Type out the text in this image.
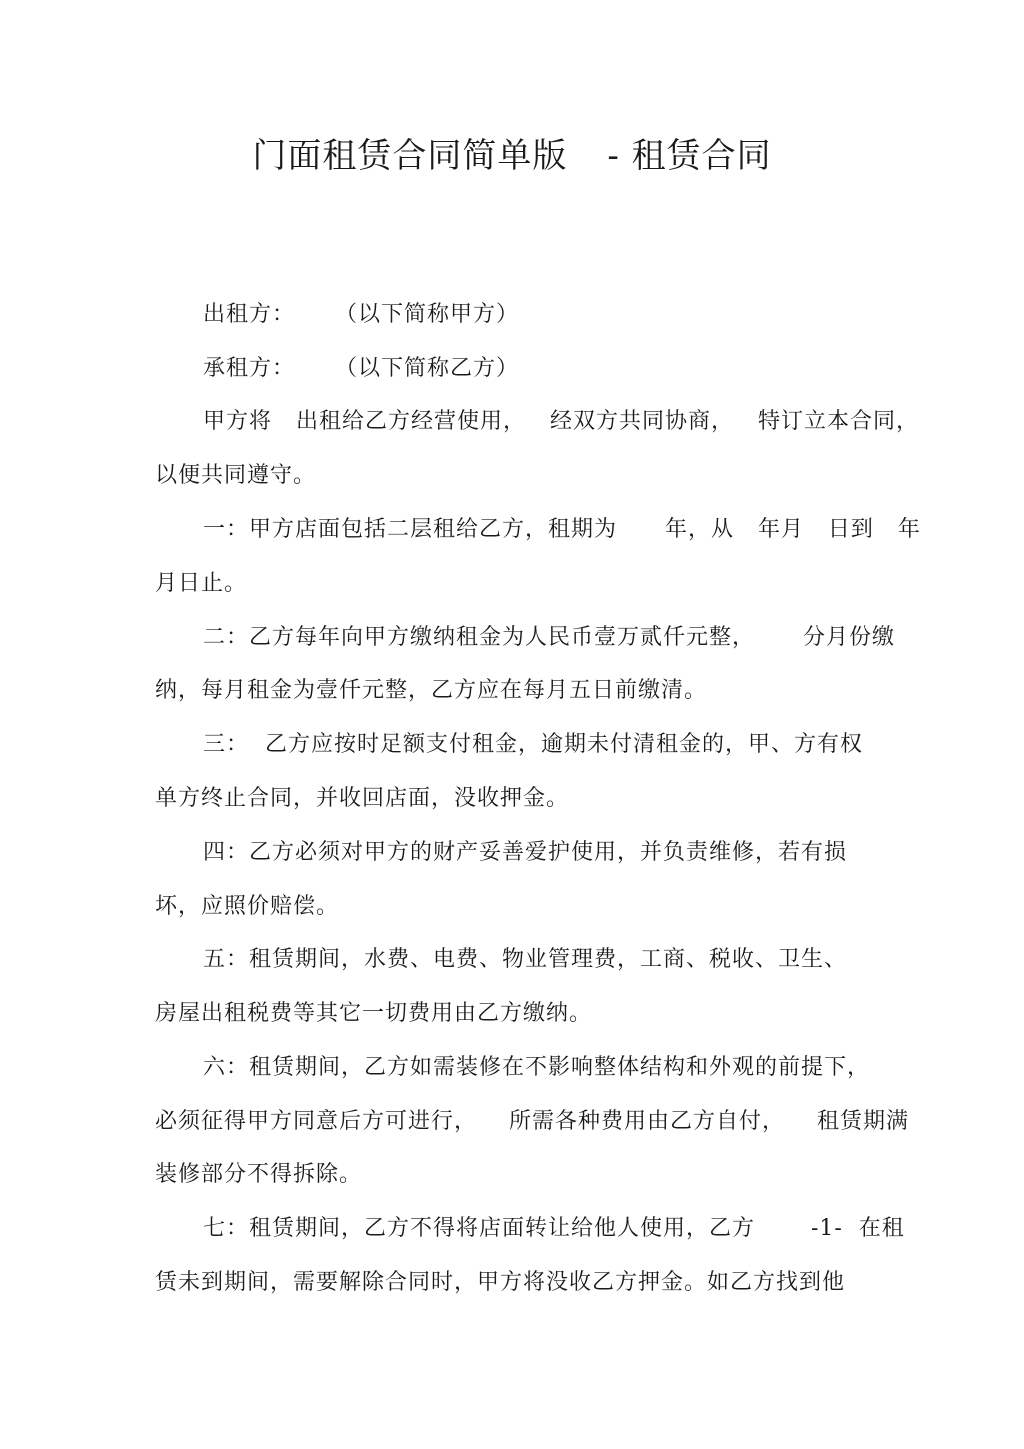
门面租赁合同简单版 - 租赁合同

出租方：     （以下简称甲方）

承租方：     （以下简称乙方）

甲方将   出租给乙方经营使用，   经双方共同协商，   特订立本合同，

以便共同遵守。

一：甲方店面包括二层租给乙方，租期为      年，从   年月   日到   年

月日止。

二：乙方每年向甲方缴纳租金为人民币壹万贰仟元整，      分月份缴

纳，每月租金为壹仟元整，乙方应在每月五日前缴清。

三：  乙方应按时足额支付租金，逾期未付清租金的，甲、方有权

单方终止合同，并收回店面，没收押金。

四：乙方必须对甲方的财产妥善爱护使用，并负责维修，若有损

坏，应照价赔偿。

五：租赁期间，水费、电费、物业管理费，工商、税收、卫生、

房屋出租税费等其它一切费用由乙方缴纳。

六：租赁期间，乙方如需装修在不影响整体结构和外观的前提下，

必须征得甲方同意后方可进行，    所需各种费用由乙方自付，    租赁期满

装修部分不得拆除。

七：租赁期间，乙方不得将店面转让给他人使用，乙方       -1-  在租

赁未到期间，需要解除合同时，甲方将没收乙方押金。如乙方找到他
